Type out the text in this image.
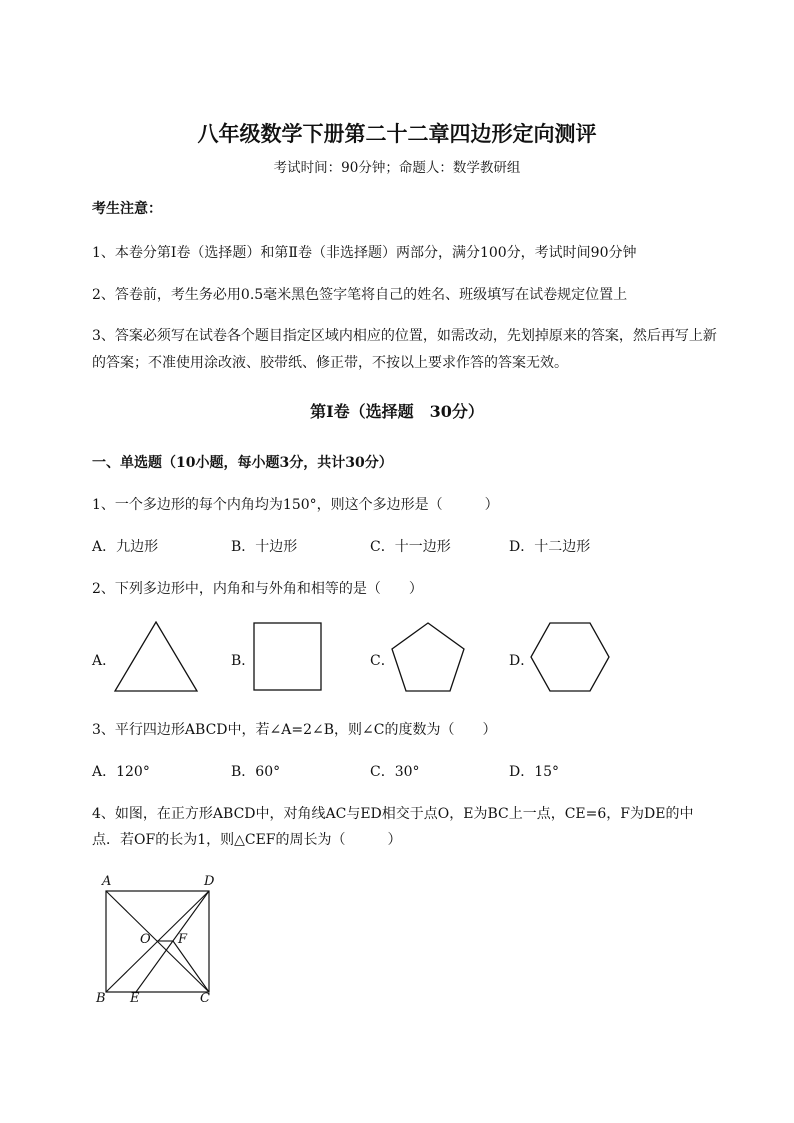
八年级数学下册第二十二章四边形定向测评
考试时间：90分钟；命题人：数学教研组
考生注意：
1、本卷分第I卷（选择题）和第Ⅱ卷（非选择题）两部分，满分100分，考试时间90分钟
2、答卷前，考生务必用0.5毫米黑色签字笔将自己的姓名、班级填写在试卷规定位置上
3、答案必须写在试卷各个题目指定区域内相应的位置，如需改动，先划掉原来的答案，然后再写上新
的答案；不准使用涂改液、胶带纸、修正带，不按以上要求作答的答案无效。
第I卷（选择题　30分）
一、单选题（10小题，每小题3分，共计30分）
1、一个多边形的每个内角均为150°，则这个多边形是（　　　）
A．九边形	B．十边形	C．十一边形	D．十二边形
2、下列多边形中，内角和与外角和相等的是（　　）
A．	B．	C．	D．
3、平行四边形ABCD中，若∠A=2∠B，则∠C的度数为（　　）
A．120°	B．60°	C．30°	D．15°
4、如图，在正方形ABCD中，对角线AC与ED相交于点O，E为BC上一点，CE=6，F为DE的中
点．若OF的长为1，则△CEF的周长为（　　　）
A	D
O F
B E	C
